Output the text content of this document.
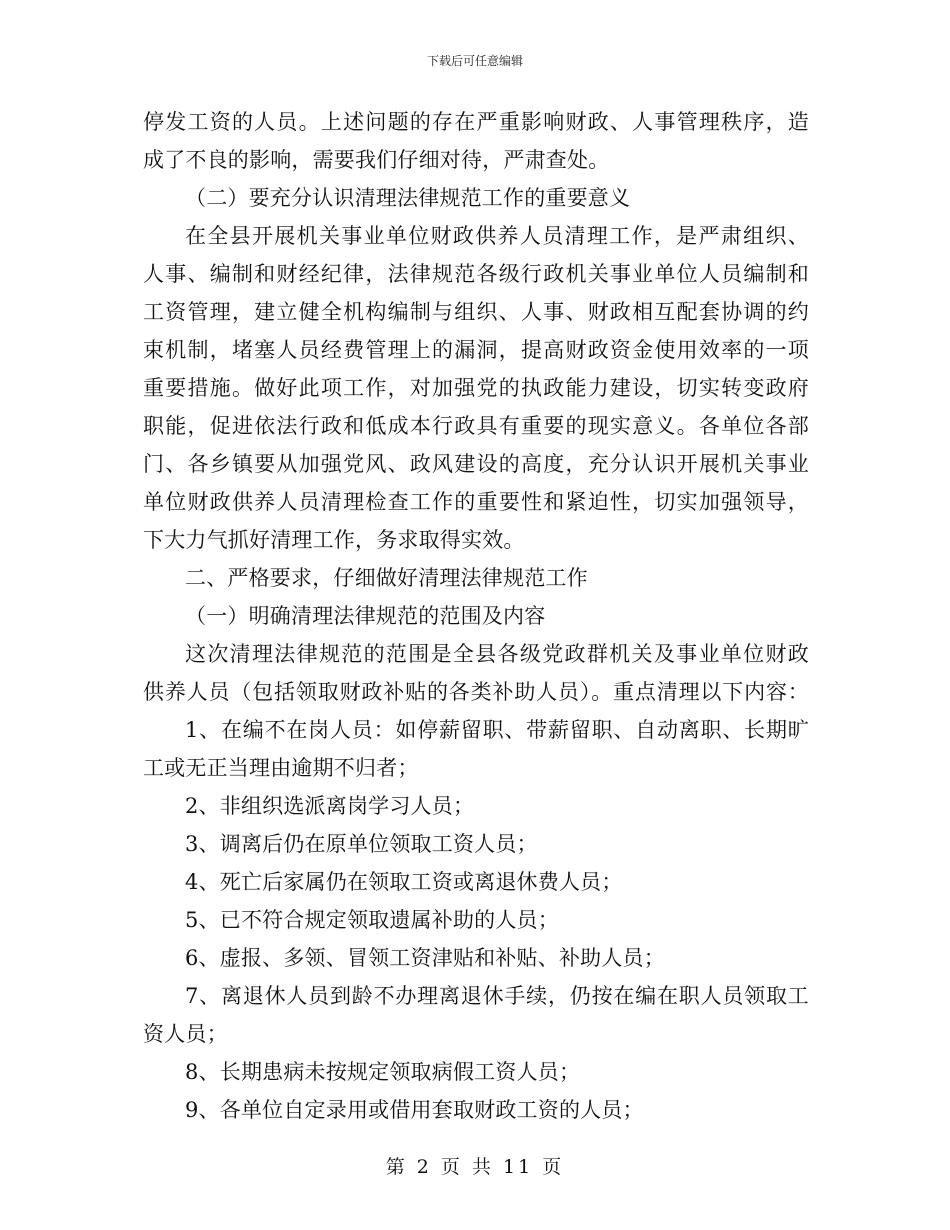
下载后可任意编辑
停发工资的人员。上述问题的存在严重影响财政、人事管理秩序，造
成了不良的影响，需要我们仔细对待，严肃查处。
（二）要充分认识清理法律规范工作的重要意义
在全县开展机关事业单位财政供养人员清理工作，是严肃组织、
人事、编制和财经纪律，法律规范各级行政机关事业单位人员编制和
工资管理，建立健全机构编制与组织、人事、财政相互配套协调的约
束机制，堵塞人员经费管理上的漏洞，提高财政资金使用效率的一项
重要措施。做好此项工作，对加强党的执政能力建设，切实转变政府
职能，促进依法行政和低成本行政具有重要的现实意义。各单位各部
门、各乡镇要从加强党风、政风建设的高度，充分认识开展机关事业
单位财政供养人员清理检查工作的重要性和紧迫性，切实加强领导，
下大力气抓好清理工作，务求取得实效。
二、严格要求，仔细做好清理法律规范工作
（一）明确清理法律规范的范围及内容
这次清理法律规范的范围是全县各级党政群机关及事业单位财政
供养人员（包括领取财政补贴的各类补助人员）。重点清理以下内容：
1、在编不在岗人员：如停薪留职、带薪留职、自动离职、长期旷
工或无正当理由逾期不归者；
2、非组织选派离岗学习人员；
3、调离后仍在原单位领取工资人员；
4、死亡后家属仍在领取工资或离退休费人员；
5、已不符合规定领取遗属补助的人员；
6、虚报、多领、冒领工资津贴和补贴、补助人员；
7、离退休人员到龄不办理离退休手续，仍按在编在职人员领取工
资人员；
8、长期患病未按规定领取病假工资人员；
9、各单位自定录用或借用套取财政工资的人员；
第 2 页 共 11 页
